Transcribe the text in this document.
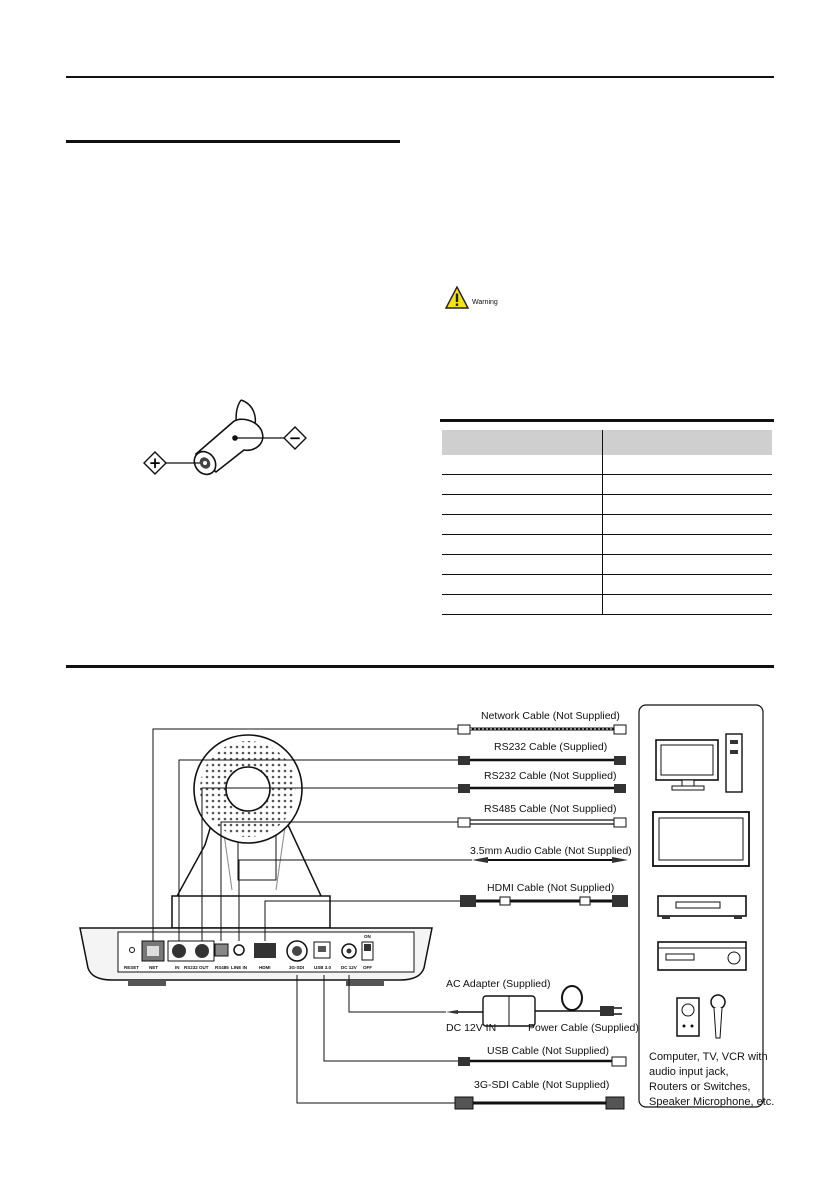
Warning
+
−

RESET NET	IN RS232 OUT RS485 LINE IN	HDMI	3G-SDI USB 3.0 DC 12V
ON
OFF
Network Cable (Not Supplied)
RS232 Cable (Supplied)
RS232 Cable (Not Supplied)
RS485 Cable (Not Supplied)
3.5mm Audio Cable (Not Supplied)
HDMI Cable (Not Supplied)
AC Adapter (Supplied)
DC 12V IN	Power Cable (Supplied)
USB Cable (Not Supplied)
3G-SDI Cable (Not Supplied)
Computer, TV, VCR with
audio input jack,
Routers or Switches,
Speaker Microphone, etc.
